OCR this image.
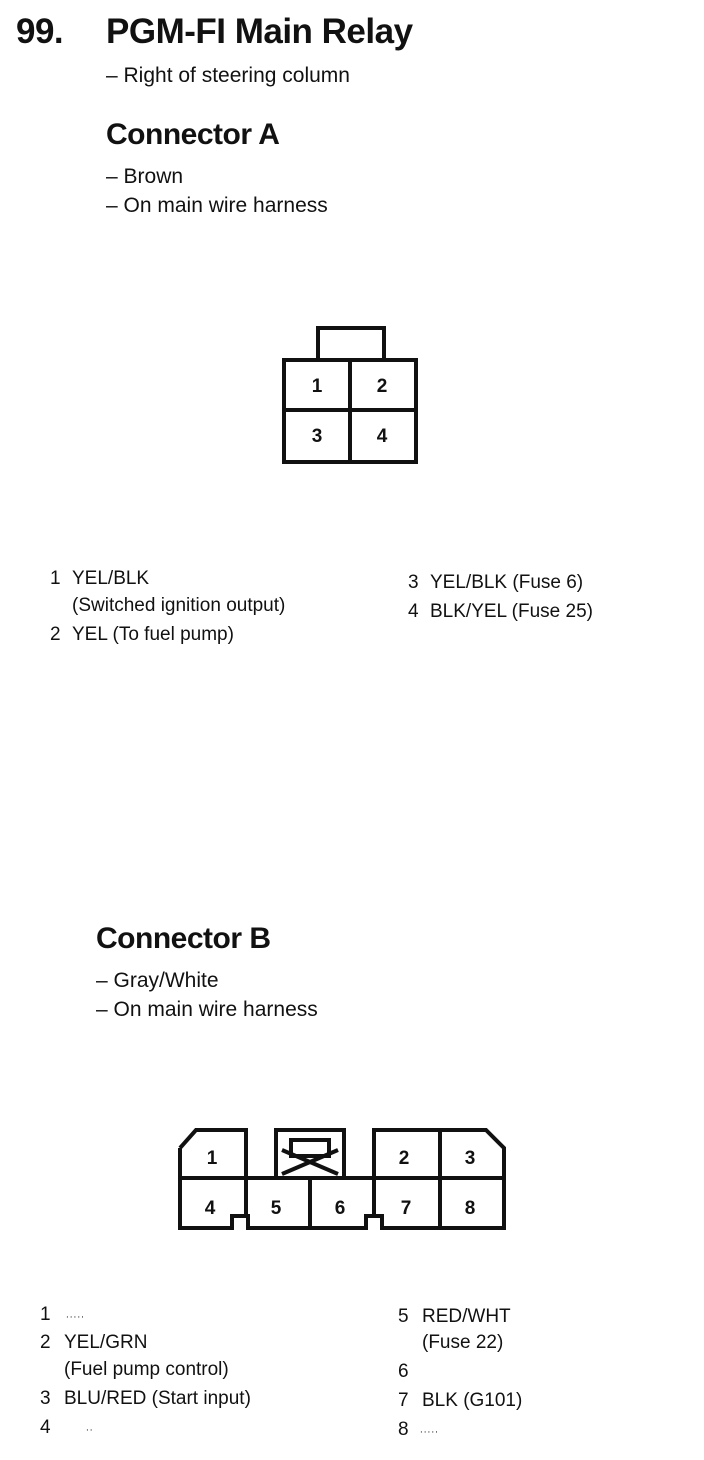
99. PGM-FI Main Relay
– Right of steering column
Connector A
– Brown
– On main wire harness
1	2
3	4
1 YEL/BLK
(Switched ignition output)
2 YEL (To fuel pump)
3 YEL/BLK (Fuse 6)
4 BLK/YEL (Fuse 25)
Connector B
– Gray/White
– On main wire harness
1	2	3
4	5	6	7	8
1 .....
2 YEL/GRN
(Fuel pump control)
3 BLU/RED (Start input)
4	..
5 RED/WHT
(Fuse 22)
6
7 BLK (G101)
8 .....
